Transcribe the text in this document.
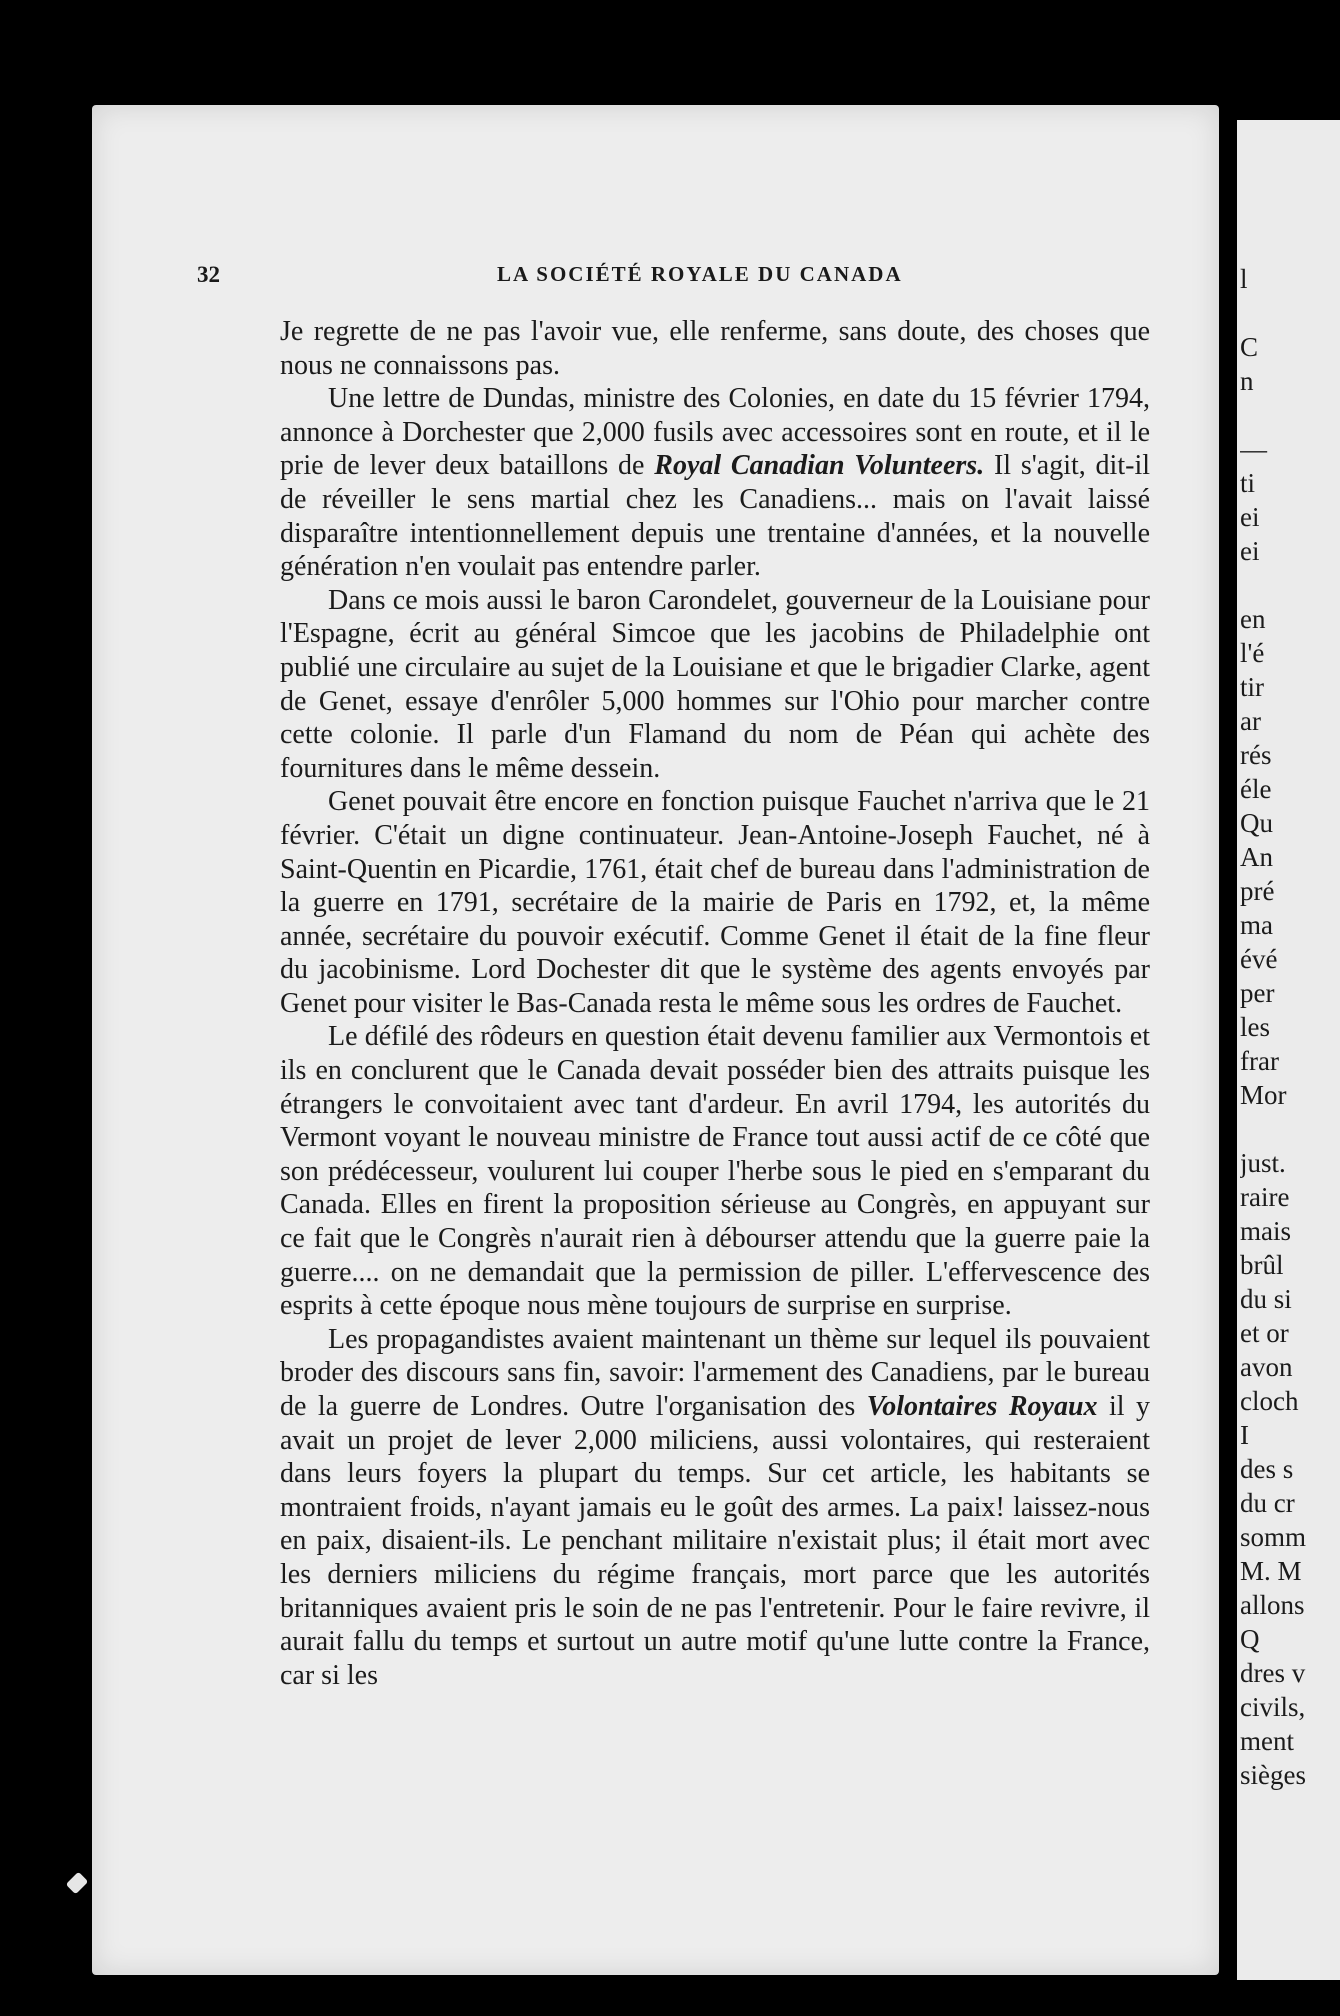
32	LA SOCIÉTÉ ROYALE DU CANADA

Je regrette de ne pas l'avoir vue, elle renferme, sans doute, des choses que nous ne connaissons pas.

Une lettre de Dundas, ministre des Colonies, en date du 15 février 1794, annonce à Dorchester que 2,000 fusils avec accessoires sont en route, et il le prie de lever deux bataillons de Royal Canadian Volunteers. Il s'agit, dit-il de réveiller le sens martial chez les Canadiens... mais on l'avait laissé disparaître intentionnellement depuis une trentaine d'années, et la nouvelle génération n'en voulait pas entendre parler.

Dans ce mois aussi le baron Carondelet, gouverneur de la Louisiane pour l'Espagne, écrit au général Simcoe que les jacobins de Philadelphie ont publié une circulaire au sujet de la Louisiane et que le brigadier Clarke, agent de Genet, essaye d'enrôler 5,000 hommes sur l'Ohio pour marcher contre cette colonie. Il parle d'un Flamand du nom de Péan qui achète des fournitures dans le même dessein.

Genet pouvait être encore en fonction puisque Fauchet n'arriva que le 21 février. C'était un digne continuateur. Jean-Antoine-Joseph Fauchet, né à Saint-Quentin en Picardie, 1761, était chef de bureau dans l'administration de la guerre en 1791, secrétaire de la mairie de Paris en 1792, et, la même année, secrétaire du pouvoir exécutif. Comme Genet il était de la fine fleur du jacobinisme. Lord Dochester dit que le système des agents envoyés par Genet pour visiter le Bas-Canada resta le même sous les ordres de Fauchet.

Le défilé des rôdeurs en question était devenu familier aux Vermontois et ils en conclurent que le Canada devait posséder bien des attraits puisque les étrangers le convoitaient avec tant d'ardeur. En avril 1794, les autorités du Vermont voyant le nouveau ministre de France tout aussi actif de ce côté que son prédécesseur, voulurent lui couper l'herbe sous le pied en s'emparant du Canada. Elles en firent la proposition sérieuse au Congrès, en appuyant sur ce fait que le Congrès n'aurait rien à débourser attendu que la guerre paie la guerre.... on ne demandait que la permission de piller. L'effervescence des esprits à cette époque nous mène toujours de surprise en surprise.

Les propagandistes avaient maintenant un thème sur lequel ils pouvaient broder des discours sans fin, savoir: l'armement des Canadiens, par le bureau de la guerre de Londres. Outre l'organisation des Volontaires Royaux il y avait un projet de lever 2,000 miliciens, aussi volontaires, qui resteraient dans leurs foyers la plupart du temps. Sur cet article, les habitants se montraient froids, n'ayant jamais eu le goût des armes. La paix! laissez-nous en paix, disaient-ils. Le penchant militaire n'existait plus; il était mort avec les derniers miliciens du régime français, mort parce que les autorités britanniques avaient pris le soin de ne pas l'entretenir. Pour le faire revivre, il aurait fallu du temps et surtout un autre motif qu'une lutte contre la France, car si les

l

C
n

—
ti
ei
ei

en
l'é
tir
ar
rés
éle
Qu
An
pré
ma
évé
per
les
frar
Mor

just.
raire
mais
brûl
du si
et or
avon
cloch
I
des s
du cr
somm
M. M
allons
Q
dres v
civils,
ment
sièges
